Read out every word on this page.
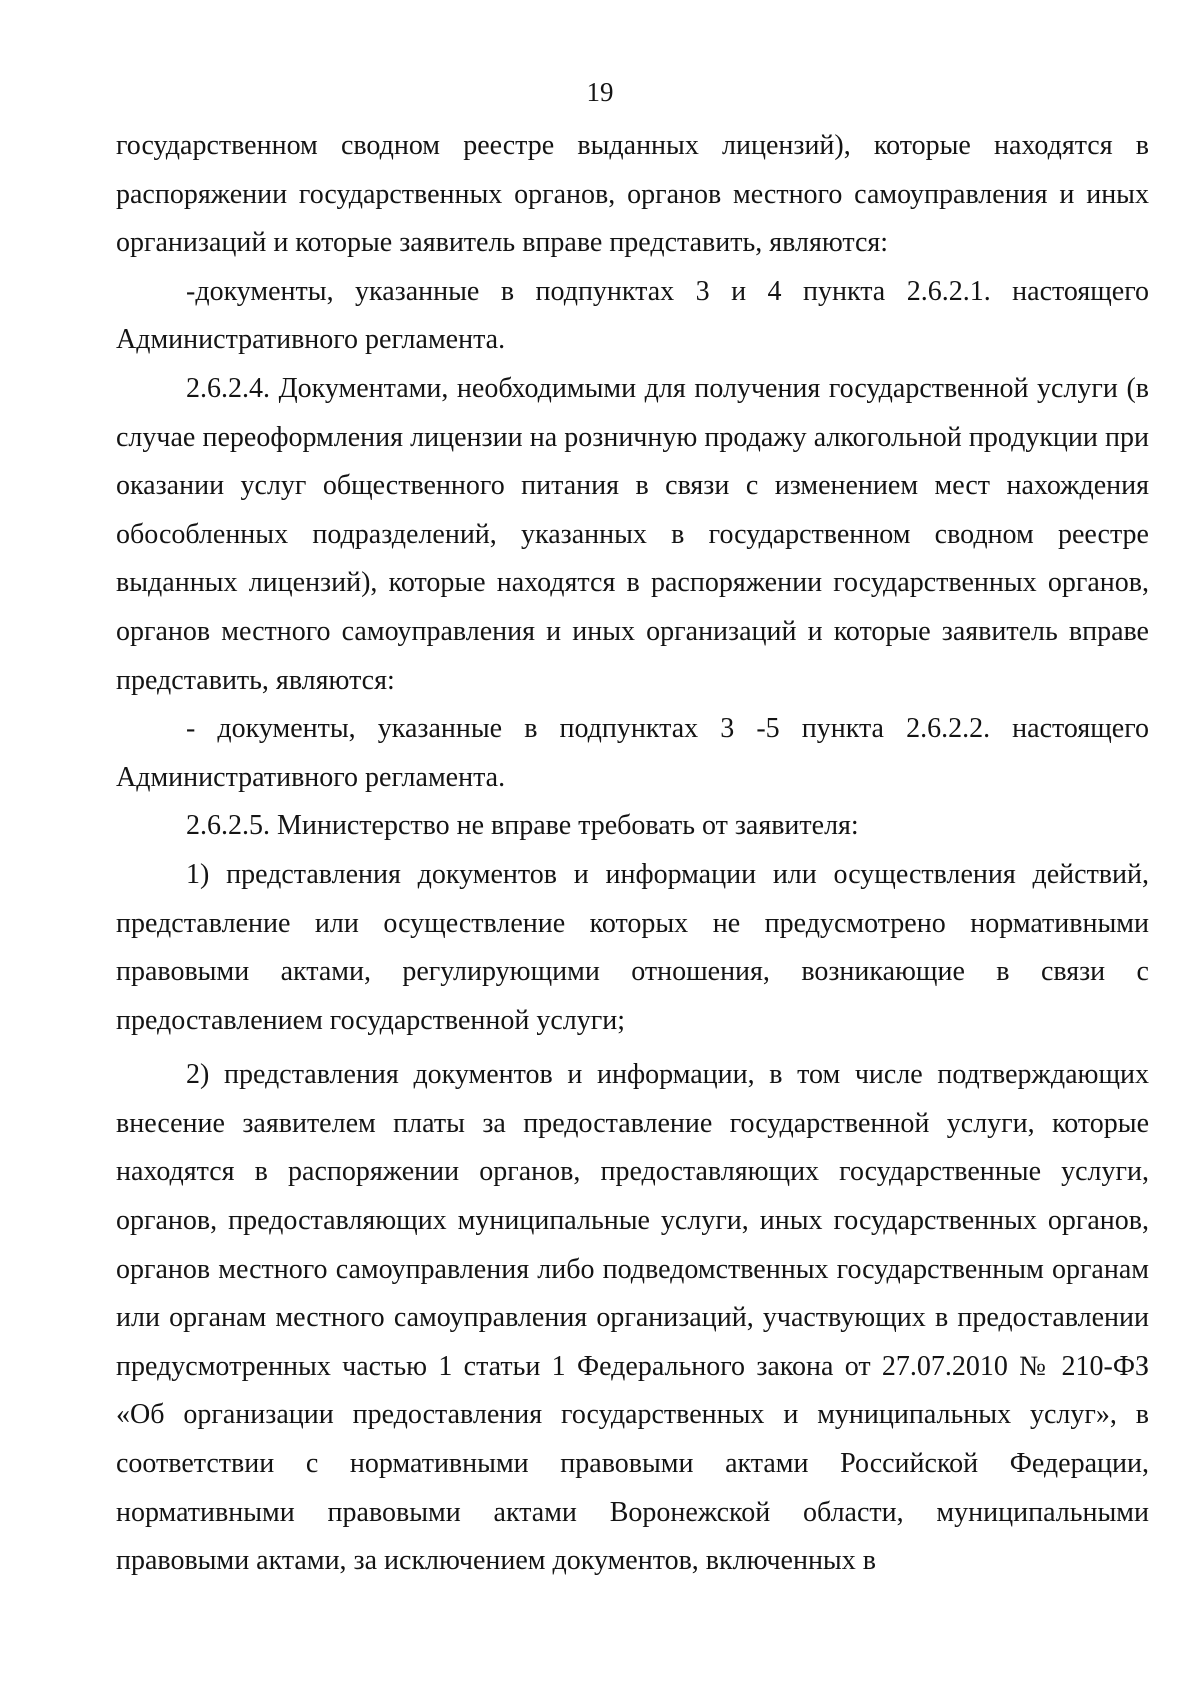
19

государственном сводном реестре выданных лицензий), которые находятся в распоряжении государственных органов, органов местного самоуправления и иных организаций и которые заявитель вправе представить, являются:

-документы, указанные в подпунктах 3 и 4 пункта 2.6.2.1. настоящего Административного регламента.

2.6.2.4. Документами, необходимыми для получения государственной услуги (в случае переоформления лицензии на розничную продажу алкогольной продукции при оказании услуг общественного питания в связи с изменением мест нахождения обособленных подразделений, указанных в государственном сводном реестре выданных лицензий), которые находятся в распоряжении государственных органов, органов местного самоуправления и иных организаций и которые заявитель вправе представить, являются:

- документы, указанные в подпунктах 3 -5 пункта 2.6.2.2. настоящего Административного регламента.

2.6.2.5. Министерство не вправе требовать от заявителя:

1) представления документов и информации или осуществления действий, представление или осуществление которых не предусмотрено нормативными правовыми актами, регулирующими отношения, возникающие в связи с предоставлением государственной услуги;

2) представления документов и информации, в том числе подтверждающих внесение заявителем платы за предоставление государственной услуги, которые находятся в распоряжении органов, предоставляющих государственные услуги, органов, предоставляющих муниципальные услуги, иных государственных органов, органов местного самоуправления либо подведомственных государственным органам или органам местного самоуправления организаций, участвующих в предоставлении предусмотренных частью 1 статьи 1 Федерального закона от 27.07.2010 № 210-ФЗ «Об организации предоставления государственных и муниципальных услуг», в соответствии с нормативными правовыми актами Российской Федерации, нормативными правовыми актами Воронежской области, муниципальными правовыми актами, за исключением документов, включенных в
